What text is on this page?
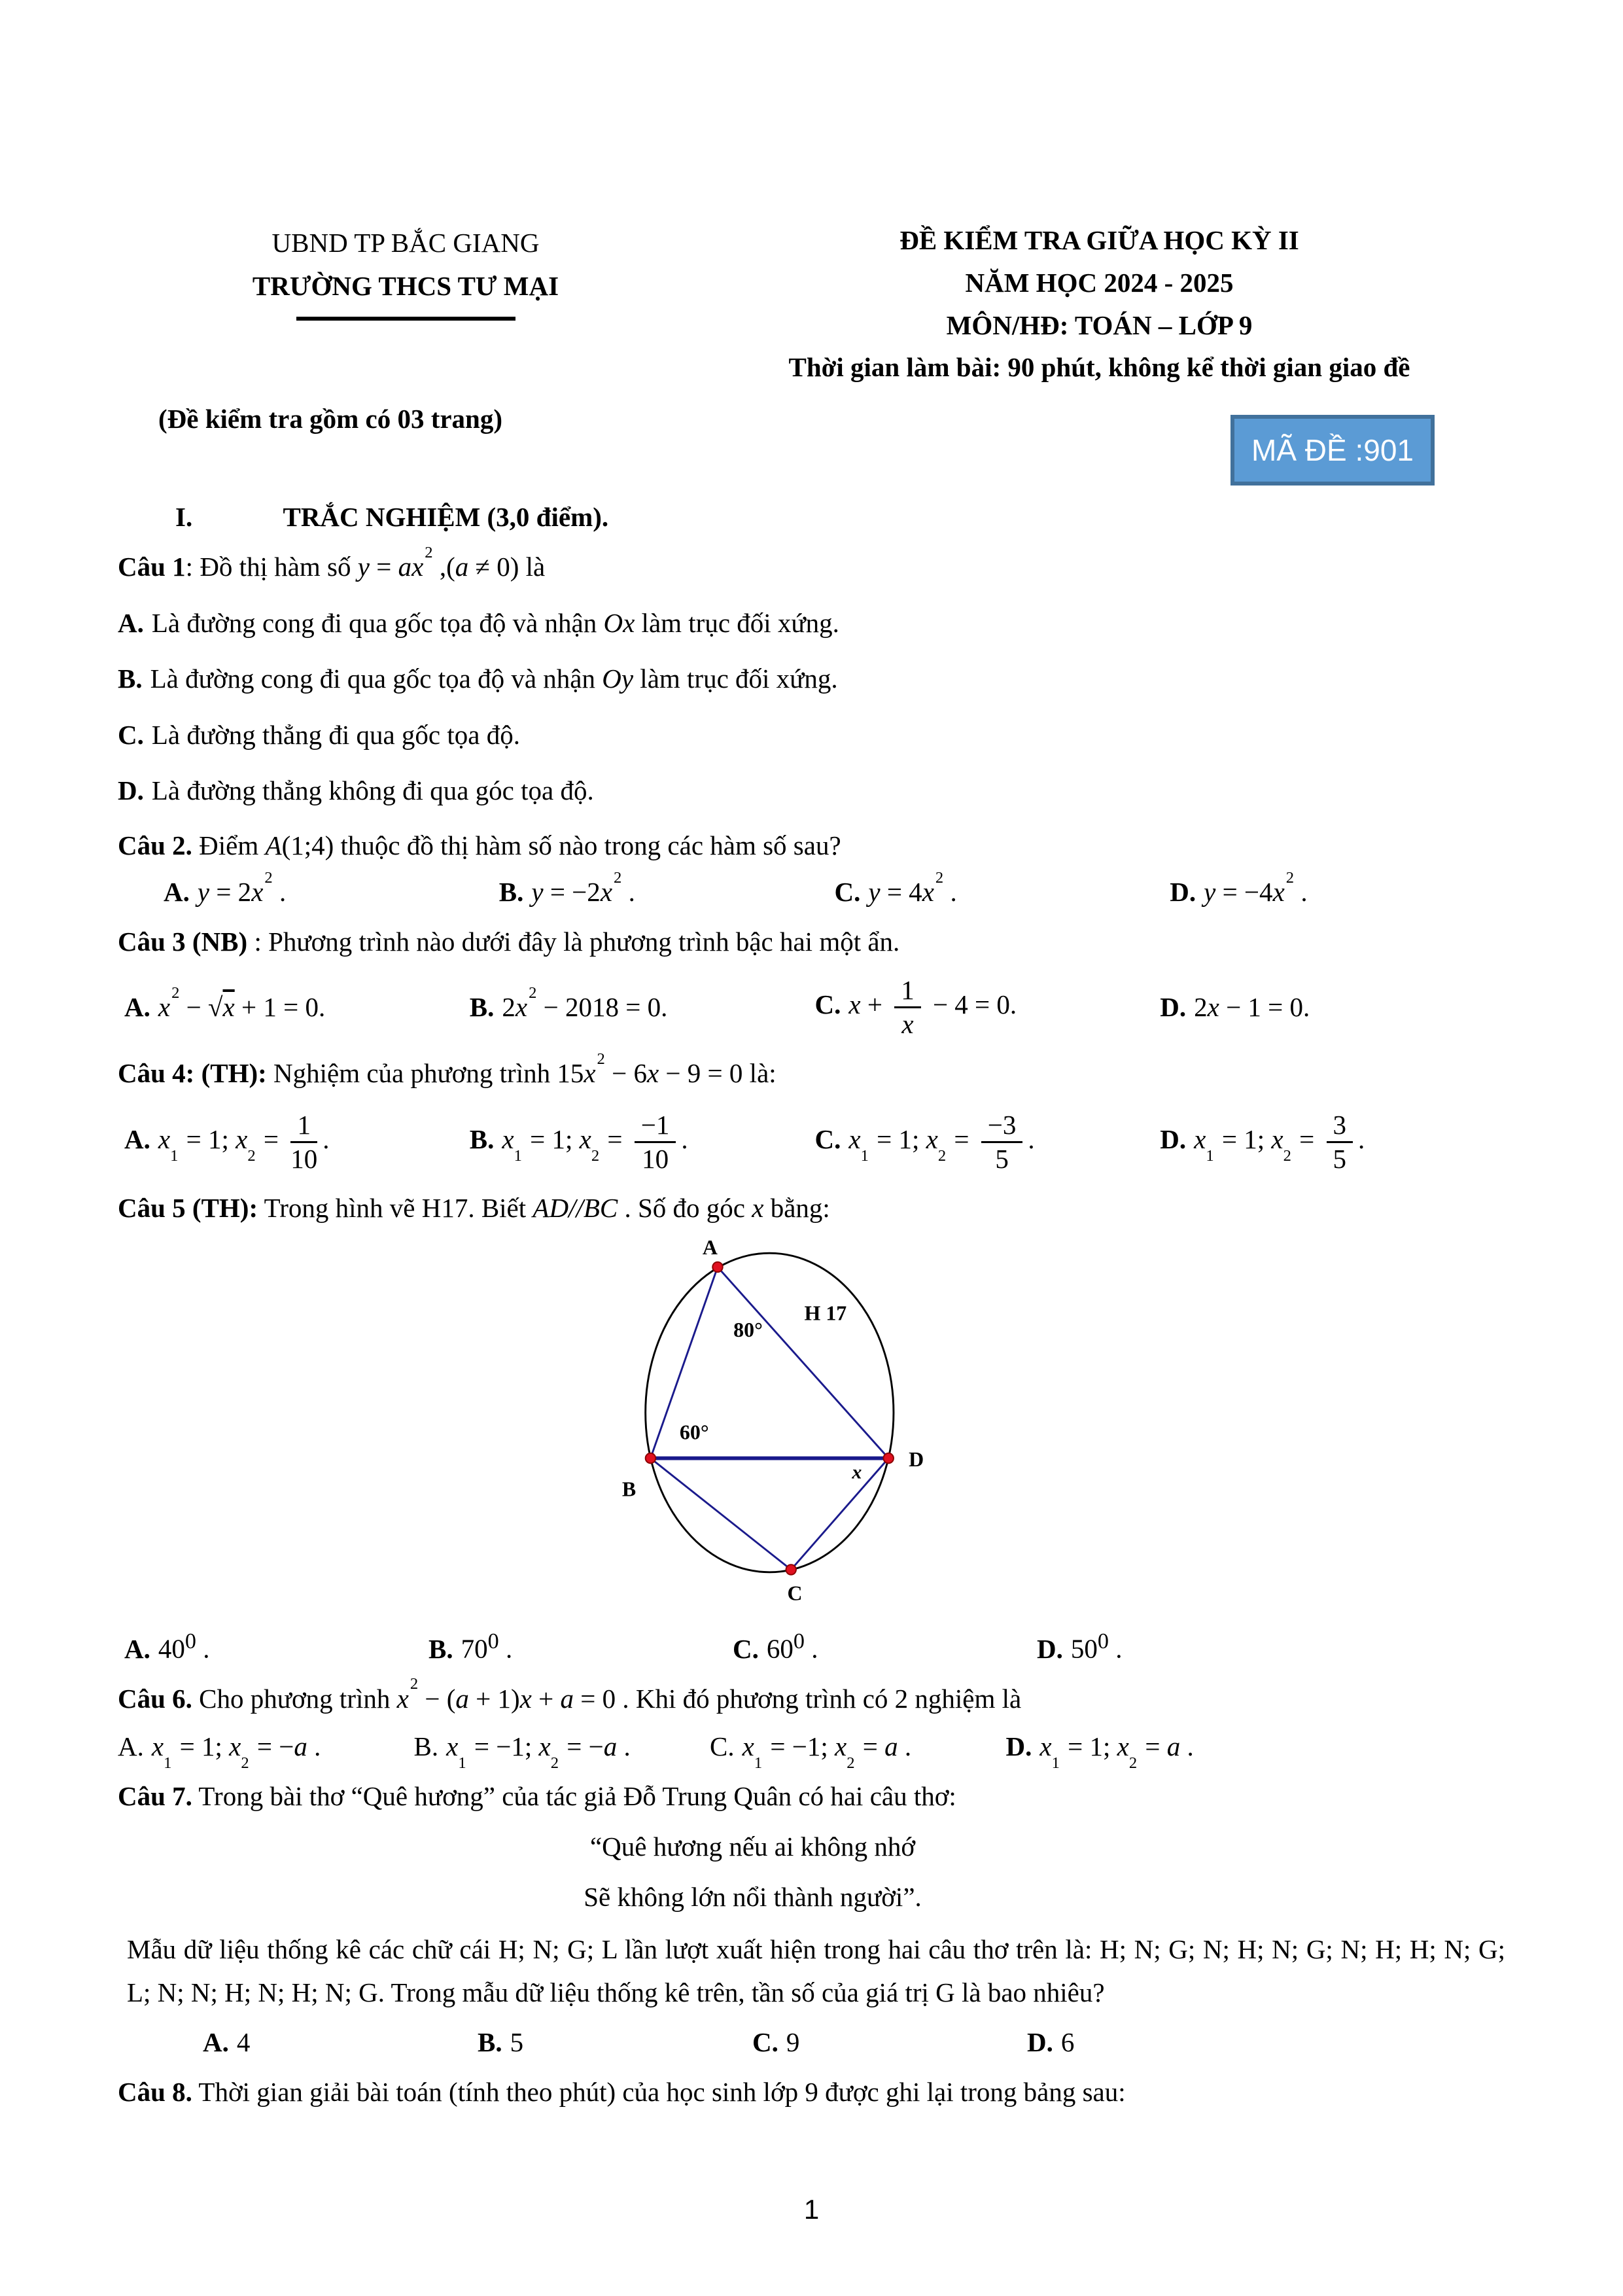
UBND TP BẮC GIANG
TRƯỜNG THCS TƯ MẠI
ĐỀ KIỂM TRA GIỮA HỌC KỲ II
NĂM HỌC 2024 - 2025
MÔN/HĐ: TOÁN – LỚP 9
Thời gian làm bài: 90 phút, không kể thời gian giao đề
(Đề kiểm tra gồm có 03 trang)
MÃ ĐỀ :901
I.	TRẮC NGHIỆM (3,0 điểm).
Câu 1: Đồ thị hàm số $y = ax^2$ ,(a ≠ 0) là
A. Là đường cong đi qua gốc tọa độ và nhận Ox làm trục đối xứng.
B. Là đường cong đi qua gốc tọa độ và nhận Oy làm trục đối xứng.
C. Là đường thẳng đi qua gốc tọa độ.
D. Là đường thẳng không đi qua góc tọa độ.
Câu 2. Điểm A(1;4) thuộc đồ thị hàm số nào trong các hàm số sau?
A. $y = 2x^2$ .	B. $y = -2x^2$ .	C. $y = 4x^2$ .	D. $y = -4x^2$ .
Câu 3 (NB) : Phương trình nào dưới đây là phương trình bậc hai một ẩn.
A. $x^2 - √x + 1 = 0$.	B. $2x^2 - 2018 = 0$.	C. $x + \frac{1}{x} - 4 = 0$.	D. 2x − 1 = 0.
Câu 4: (TH): Nghiệm của phương trình $15x^2 - 6x - 9 = 0$ là:
A. $x_1 = 1$; $x_2 = \frac{1}{10}$ .	B. $x_1 = 1$; $x_2 = \frac{-1}{10}$ .	C. $x_1 = 1$; $x_2 = \frac{-3}{5}$ .	D. $x_1 = 1$; $x_2 = \frac{3}{5}$ .
Câu 5 (TH): Trong hình vẽ H17. Biết AD//BC . Số đo góc x bằng:
A
B
C
D
H 17
80°
60°
x
A. $40^0$ .	B. $70^0$ .	C. $60^0$ .	D. $50^0$ .
Câu 6. Cho phương trình $x^2 - (a + 1)x + a = 0$ . Khi đó phương trình có 2 nghiệm là
A. $x_1 = 1$; $x_2 = -a$ .	B. $x_1 = -1$; $x_2 = -a$ .	C. $x_1 = -1$; $x_2 = a$ .	D. $x_1 = 1$; $x_2 = a$ .
Câu 7. Trong bài thơ “Quê hương” của tác giả Đỗ Trung Quân có hai câu thơ:
“Quê hương nếu ai không nhớ
Sẽ không lớn nổi thành người”.
Mẫu dữ liệu thống kê các chữ cái H; N; G; L lần lượt xuất hiện trong hai câu thơ trên là: H; N; G; N; H; N; G; N; H; H; N; G; L; N; N; H; N; H; N; G. Trong mẫu dữ liệu thống kê trên, tần số của giá trị G là bao nhiêu?
A. 4	B. 5	C. 9	D. 6
Câu 8. Thời gian giải bài toán (tính theo phút) của học sinh lớp 9 được ghi lại trong bảng sau:
1
